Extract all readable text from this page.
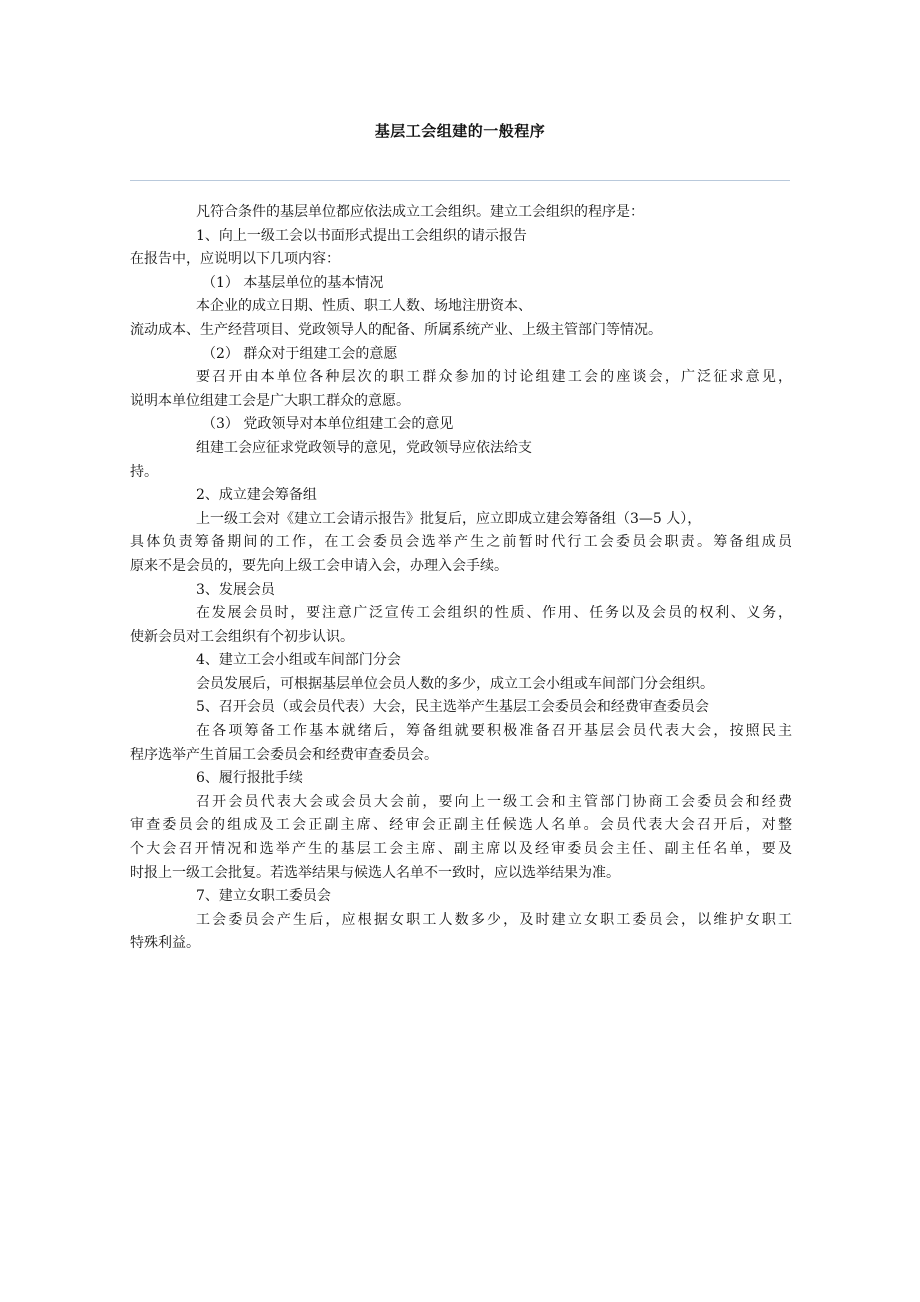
基层工会组建的一般程序
凡符合条件的基层单位都应依法成立工会组织。建立工会组织的程序是：
1、向上一级工会以书面形式提出工会组织的请示报告
在报告中，应说明以下几项内容：
（1） 本基层单位的基本情况
本企业的成立日期、性质、职工人数、场地注册资本、
流动成本、生产经营项目、党政领导人的配备、所属系统产业、上级主管部门等情况。
（2） 群众对于组建工会的意愿
要召开由本单位各种层次的职工群众参加的讨论组建工会的座谈会，广泛征求意见，
说明本单位组建工会是广大职工群众的意愿。
（3） 党政领导对本单位组建工会的意见
组建工会应征求党政领导的意见，党政领导应依法给支
持。
2、成立建会筹备组
上一级工会对《建立工会请示报告》批复后，应立即成立建会筹备组（3—5 人），
具体负责筹备期间的工作，在工会委员会选举产生之前暂时代行工会委员会职责。筹备组成员
原来不是会员的，要先向上级工会申请入会，办理入会手续。
3、发展会员
在发展会员时，要注意广泛宣传工会组织的性质、作用、任务以及会员的权利、义务，
使新会员对工会组织有个初步认识。
4、建立工会小组或车间部门分会
会员发展后，可根据基层单位会员人数的多少，成立工会小组或车间部门分会组织。
5、召开会员（或会员代表）大会，民主选举产生基层工会委员会和经费审查委员会
在各项筹备工作基本就绪后，筹备组就要积极准备召开基层会员代表大会，按照民主
程序选举产生首届工会委员会和经费审查委员会。
6、履行报批手续
召开会员代表大会或会员大会前，要向上一级工会和主管部门协商工会委员会和经费
审查委员会的组成及工会正副主席、经审会正副主任候选人名单。会员代表大会召开后，对整
个大会召开情况和选举产生的基层工会主席、副主席以及经审委员会主任、副主任名单，要及
时报上一级工会批复。若选举结果与候选人名单不一致时，应以选举结果为准。
7、建立女职工委员会
工会委员会产生后，应根据女职工人数多少，及时建立女职工委员会，以维护女职工
特殊利益。
